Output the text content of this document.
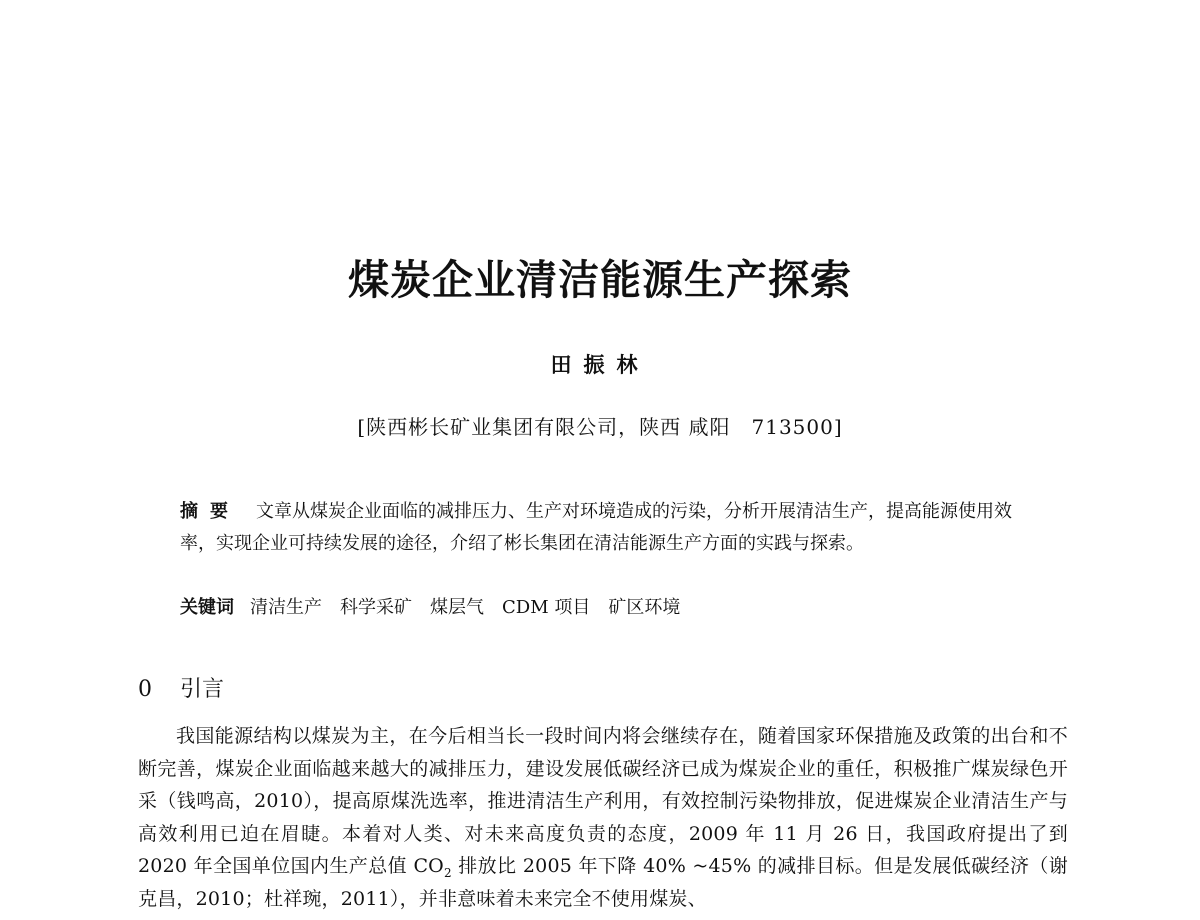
煤炭企业清洁能源生产探索
田振林
[陕西彬长矿业集团有限公司，陕西 咸阳　713500]
摘要 文章从煤炭企业面临的减排压力、生产对环境造成的污染，分析开展清洁生产，提高能源使用效率，实现企业可持续发展的途径，介绍了彬长集团在清洁能源生产方面的实践与探索。
关键词 清洁生产 科学采矿 煤层气 CDM 项目 矿区环境
0 引言
我国能源结构以煤炭为主，在今后相当长一段时间内将会继续存在，随着国家环保措施及政策的出台和不断完善，煤炭企业面临越来越大的减排压力，建设发展低碳经济已成为煤炭企业的重任，积极推广煤炭绿色开采（钱鸣高，2010），提高原煤洗选率，推进清洁生产利用，有效控制污染物排放，促进煤炭企业清洁生产与高效利用已迫在眉睫。本着对人类、对未来高度负责的态度，2009 年 11 月 26 日，我国政府提出了到 2020 年全国单位国内生产总值 $CO_2$ 排放比 2005 年下降 40% ~45% 的减排目标。但是发展低碳经济（谢克昌，2010；杜祥琬，2011），并非意味着未来完全不使用煤炭、
